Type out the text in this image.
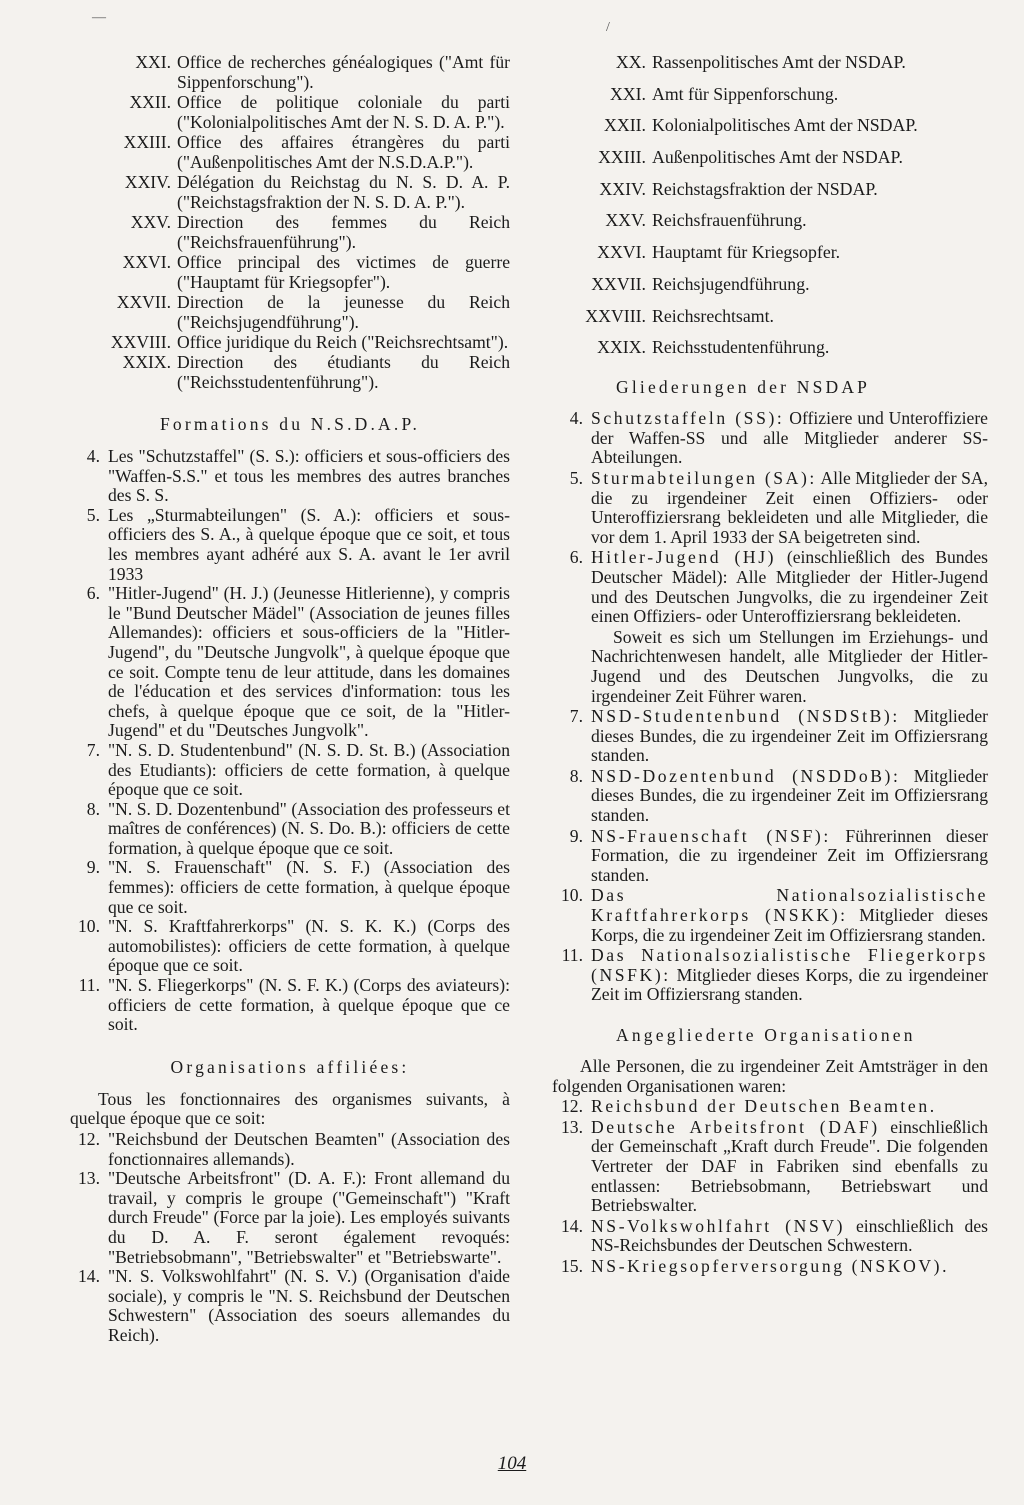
—
/
XXI. Office de recherches généalogiques ("Amt für Sippenforschung").
XXII. Office de politique coloniale du parti ("Kolonialpolitisches Amt der N. S. D. A. P.").
XXIII. Office des affaires étrangères du parti ("Außenpolitisches Amt der N.S.D.A.P.").
XXIV. Délégation du Reichstag du N. S. D. A. P. ("Reichstagsfraktion der N. S. D. A. P.").
XXV. Direction des femmes du Reich ("Reichsfrauenführung").
XXVI. Office principal des victimes de guerre ("Hauptamt für Kriegsopfer").
XXVII. Direction de la jeunesse du Reich ("Reichsjugendführung").
XXVIII. Office juridique du Reich ("Reichsrechtsamt").
XXIX. Direction des étudiants du Reich ("Reichsstudentenführung").
Formations du N.S.D.A.P.
4. Les "Schutzstaffel" (S. S.): officiers et sous-officiers des "Waffen-S.S." et tous les membres des autres branches des S. S.
5. Les „Sturmabteilungen" (S. A.): officiers et sous-officiers des S. A., à quelque époque que ce soit, et tous les membres ayant adhéré aux S. A. avant le 1er avril 1933
6. "Hitler-Jugend" (H. J.) (Jeunesse Hitlerienne), y compris le "Bund Deutscher Mädel" (Association de jeunes filles Allemandes): officiers et sous-officiers de la "Hitler-Jugend", du "Deutsche Jungvolk", à quelque époque que ce soit. Compte tenu de leur attitude, dans les domaines de l'éducation et des services d'information: tous les chefs, à quelque époque que ce soit, de la "Hitler-Jugend" et du "Deutsches Jungvolk".
7. "N. S. D. Studentenbund" (N. S. D. St. B.) (Association des Etudiants): officiers de cette formation, à quelque époque que ce soit.
8. "N. S. D. Dozentenbund" (Association des professeurs et maîtres de conférences) (N. S. Do. B.): officiers de cette formation, à quelque époque que ce soit.
9. "N. S. Frauenschaft" (N. S. F.) (Association des femmes): officiers de cette formation, à quelque époque que ce soit.
10. "N. S. Kraftfahrerkorps" (N. S. K. K.) (Corps des automobilistes): officiers de cette formation, à quelque époque que ce soit.
11. "N. S. Fliegerkorps" (N. S. F. K.) (Corps des aviateurs): officiers de cette formation, à quelque époque que ce soit.
Organisations affiliées:
Tous les fonctionnaires des organismes suivants, à quelque époque que ce soit:
12. "Reichsbund der Deutschen Beamten" (Association des fonctionnaires allemands).
13. "Deutsche Arbeitsfront" (D. A. F.): Front allemand du travail, y compris le groupe ("Gemeinschaft") "Kraft durch Freude" (Force par la joie). Les employés suivants du D. A. F. seront également revoqués: "Betriebsobmann", "Betriebswalter" et "Betriebswarte".
14. "N. S. Volkswohlfahrt" (N. S. V.) (Organisation d'aide sociale), y compris le "N. S. Reichsbund der Deutschen Schwestern" (Association des soeurs allemandes du Reich).
XX. Rassenpolitisches Amt der NSDAP.
XXI. Amt für Sippenforschung.
XXII. Kolonialpolitisches Amt der NSDAP.
XXIII. Außenpolitisches Amt der NSDAP.
XXIV. Reichstagsfraktion der NSDAP.
XXV. Reichsfrauenführung.
XXVI. Hauptamt für Kriegsopfer.
XXVII. Reichsjugendführung.
XXVIII. Reichsrechtsamt.
XXIX. Reichsstudentenführung.
Gliederungen der NSDAP
4. Schutzstaffeln (SS): Offiziere und Unteroffiziere der Waffen-SS und alle Mitglieder anderer SS-Abteilungen.
5. Sturmabteilungen (SA): Alle Mitglieder der SA, die zu irgendeiner Zeit einen Offiziers- oder Unteroffiziersrang bekleideten und alle Mitglieder, die vor dem 1. April 1933 der SA beigetreten sind.
6. Hitler-Jugend (HJ) (einschließlich des Bundes Deutscher Mädel): Alle Mitglieder der Hitler-Jugend und des Deutschen Jungvolks, die zu irgendeiner Zeit einen Offiziers- oder Unteroffiziersrang bekleideten.
Soweit es sich um Stellungen im Erziehungs- und Nachrichtenwesen handelt, alle Mitglieder der Hitler-Jugend und des Deutschen Jungvolks, die zu irgendeiner Zeit Führer waren.
7. NSD-Studentenbund (NSDStB): Mitglieder dieses Bundes, die zu irgendeiner Zeit im Offiziersrang standen.
8. NSD-Dozentenbund (NSDDoB): Mitglieder dieses Bundes, die zu irgendeiner Zeit im Offiziersrang standen.
9. NS-Frauenschaft (NSF): Führerinnen dieser Formation, die zu irgendeiner Zeit im Offiziersrang standen.
10. Das Nationalsozialistische Kraftfahrerkorps (NSKK): Mitglieder dieses Korps, die zu irgendeiner Zeit im Offiziersrang standen.
11. Das Nationalsozialistische Fliegerkorps (NSFK): Mitglieder dieses Korps, die zu irgendeiner Zeit im Offiziersrang standen.
Angegliederte Organisationen
Alle Personen, die zu irgendeiner Zeit Amtsträger in den folgenden Organisationen waren:
12. Reichsbund der Deutschen Beamten.
13. Deutsche Arbeitsfront (DAF) einschließlich der Gemeinschaft „Kraft durch Freude". Die folgenden Vertreter der DAF in Fabriken sind ebenfalls zu entlassen: Betriebsobmann, Betriebswart und Betriebswalter.
14. NS-Volkswohlfahrt (NSV) einschließlich des NS-Reichsbundes der Deutschen Schwestern.
15. NS-Kriegsopferversorgung (NSKOV).
104
